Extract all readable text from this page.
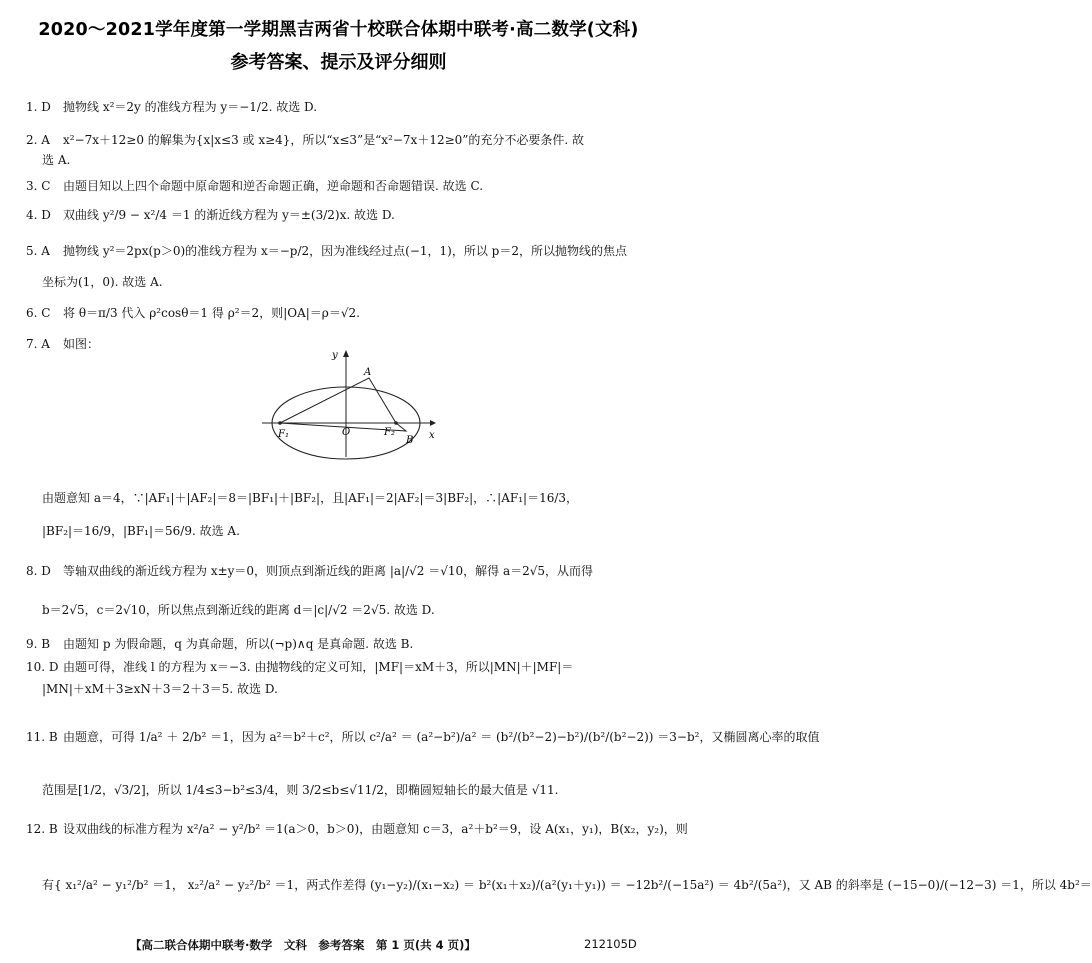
2020～2021学年度第一学期黑吉两省十校联合体期中联考·高二数学(文科)
参考答案、提示及评分细则
1. D 抛物线 x²＝2y 的准线方程为 y＝−1/2. 故选 D.
2. A x²−7x＋12≥0 的解集为{x|x≤3 或 x≥4}，所以“x≤3”是“x²−7x＋12≥0”的充分不必要条件. 故
选 A.
3. C 由题目知以上四个命题中原命题和逆否命题正确，逆命题和否命题错误. 故选 C.
4. D 双曲线 y²/9 − x²/4 ＝1 的渐近线方程为 y＝±(3/2)x. 故选 D.
5. A 抛物线 y²＝2px(p＞0)的准线方程为 x＝−p/2，因为准线经过点(−1，1)，所以 p＝2，所以抛物线的焦点
坐标为(1，0). 故选 A.
6. C 将 θ＝π/3 代入 ρ²cosθ＝1 得 ρ²＝2，则|OA|＝ρ＝√2.
7. A 如图：
y
x
A
B
F₁	O	F₂
由题意知 a＝4，∵|AF₁|＋|AF₂|＝8＝|BF₁|＋|BF₂|，且|AF₁|＝2|AF₂|＝3|BF₂|，∴|AF₁|＝16/3，
|BF₂|＝16/9，|BF₁|＝56/9. 故选 A.
8. D 等轴双曲线的渐近线方程为 x±y＝0，则顶点到渐近线的距离 |a|/√2 ＝√10，解得 a＝2√5，从而得
b＝2√5，c＝2√10，所以焦点到渐近线的距离 d＝|c|/√2 ＝2√5. 故选 D.
9. B 由题知 p 为假命题，q 为真命题，所以(¬p)∧q 是真命题. 故选 B.
10. D 由题可得，准线 l 的方程为 x＝−3. 由抛物线的定义可知，|MF|＝xM＋3，所以|MN|＋|MF|＝
|MN|＋xM＋3≥xN＋3＝2＋3＝5. 故选 D.
11. B 由题意，可得 1/a² ＋ 2/b² ＝1，因为 a²＝b²＋c²，所以 c²/a² ＝ (a²−b²)/a² ＝ (b²/(b²−2)−b²)/(b²/(b²−2)) ＝3−b²，又椭圆离心率的取值
范围是[1/2，√3/2]，所以 1/4≤3−b²≤3/4，则 3/2≤b≤√11/2，即椭圆短轴长的最大值是 √11.
12. B 设双曲线的标准方程为 x²/a² − y²/b² ＝1(a＞0，b＞0)，由题意知 c＝3，a²＋b²＝9，设 A(x₁，y₁)，B(x₂，y₂)，则
有{ x₁²/a² − y₁²/b² ＝1， x₂²/a² − y₂²/b² ＝1，两式作差得 (y₁−y₂)/(x₁−x₂) ＝ b²(x₁＋x₂)/(a²(y₁＋y₁)) ＝ −12b²/(−15a²) ＝ 4b²/(5a²)，又 AB 的斜率是 (−15−0)/(−12−3) ＝1，所以 4b²＝
【高二联合体期中联考·数学　文科　参考答案　第 1 页(共 4 页)】	212105D
